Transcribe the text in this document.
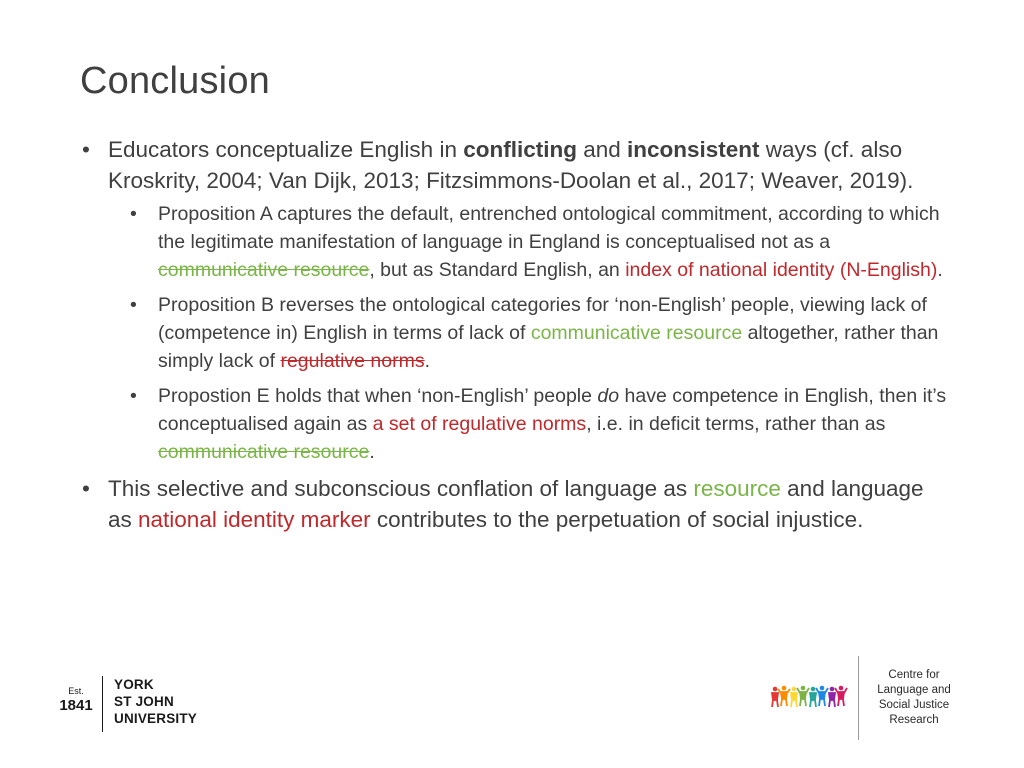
Conclusion

• Educators conceptualize English in conflicting and inconsistent ways (cf. also Kroskrity, 2004; Van Dijk, 2013; Fitzsimmons-Doolan et al., 2017; Weaver, 2019).

• Proposition A captures the default, entrenched ontological commitment, according to which the legitimate manifestation of language in England is conceptualised not as a communicative resource, but as Standard English, an index of national identity (N-English).

• Proposition B reverses the ontological categories for ‘non-English’ people, viewing lack of (competence in) English in terms of lack of communicative resource altogether, rather than simply lack of regulative norms.

• Propostion E holds that when ‘non-English’ people do have competence in English, then it’s conceptualised again as a set of regulative norms, i.e. in deficit terms, rather than as communicative resource.

• This selective and subconscious conflation of language as resource and language as national identity marker contributes to the perpetuation of social injustice.

Est.
1841
YORK
ST JOHN
UNIVERSITY
Centre for
Language and
Social Justice
Research
